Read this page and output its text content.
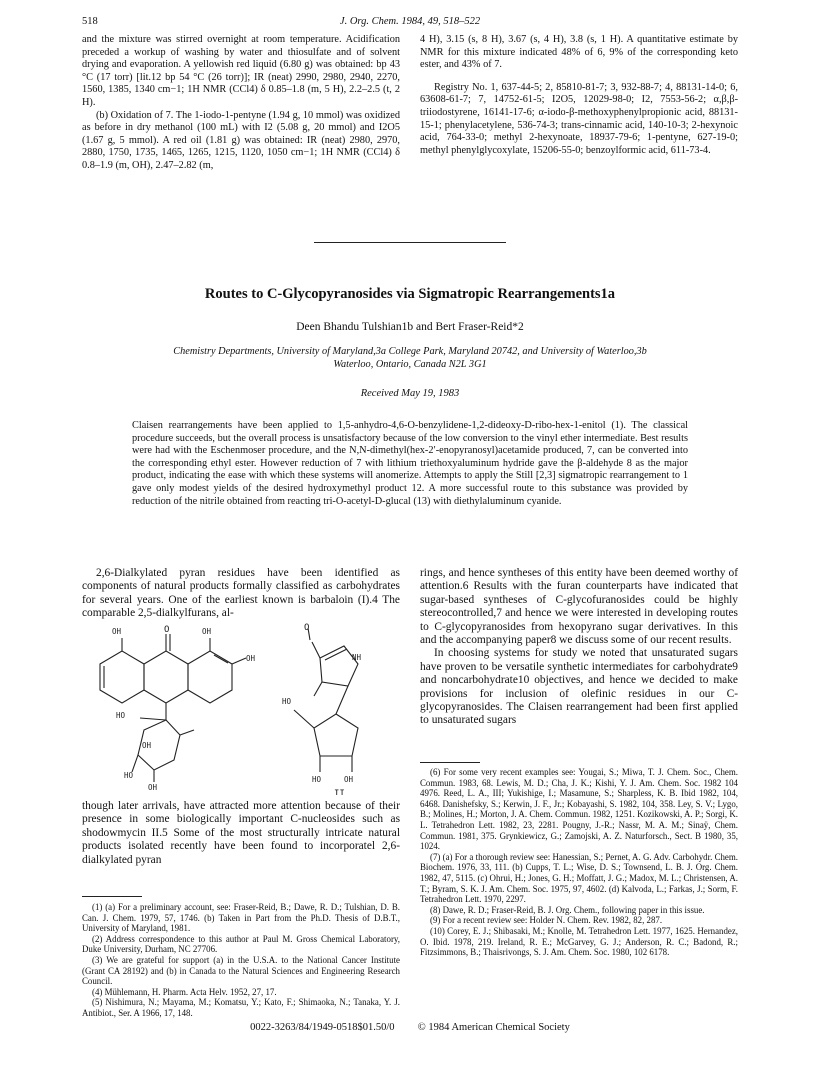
518	J. Org. Chem. 1984, 49, 518–522

and the mixture was stirred overnight at room temperature. Acidification preceded a workup of washing by water and thiosulfate and of solvent drying and evaporation. A yellowish red liquid (6.80 g) was obtained: bp 43 °C (17 torr) [lit.12 bp 54 °C (26 torr)]; IR (neat) 2990, 2980, 2940, 2270, 1560, 1385, 1340 cm−1; 1H NMR (CCl4) δ 0.85–1.8 (m, 5 H), 2.2–2.5 (t, 2 H).

(b) Oxidation of 7. The 1-iodo-1-pentyne (1.94 g, 10 mmol) was oxidized as before in dry methanol (100 mL) with I2 (5.08 g, 20 mmol) and I2O5 (1.67 g, 5 mmol). A red oil (1.81 g) was obtained: IR (neat) 2980, 2970, 2880, 1750, 1735, 1465, 1265, 1215, 1120, 1050 cm−1; 1H NMR (CCl4) δ 0.8–1.9 (m, OH), 2.47–2.82 (m,

4 H), 3.15 (s, 8 H), 3.67 (s, 4 H), 3.8 (s, 1 H). A quantitative estimate by NMR for this mixture indicated 48% of 6, 9% of the corresponding keto ester, and 43% of 7.

Registry No. 1, 637-44-5; 2, 85810-81-7; 3, 932-88-7; 4, 88131-14-0; 6, 63608-61-7; 7, 14752-61-5; I2O5, 12029-98-0; I2, 7553-56-2; α,β,β-triiodostyrene, 16141-17-6; α-iodo-β-methoxyphenylpropionic acid, 88131-15-1; phenylacetylene, 536-74-3; trans-cinnamic acid, 140-10-3; 2-hexynoic acid, 764-33-0; methyl 2-hexynoate, 18937-79-6; 1-pentyne, 627-19-0; methyl phenylglycoxylate, 15206-55-0; benzoylformic acid, 611-73-4.

Routes to C-Glycopyranosides via Sigmatropic Rearrangements1a
Deen Bhandu Tulshian1b and Bert Fraser-Reid*2
Chemistry Departments, University of Maryland,3a College Park, Maryland 20742, and University of Waterloo,3b Waterloo, Ontario, Canada N2L 3G1
Received May 19, 1983
Claisen rearrangements have been applied to 1,5-anhydro-4,6-O-benzylidene-1,2-dideoxy-D-ribo-hex-1-enitol (1). The classical procedure succeeds, but the overall process is unsatisfactory because of the low conversion to the vinyl ether intermediate. Best results were had with the Eschenmoser procedure, and the N,N-dimethyl(hex-2′-enopyranosyl)acetamide produced, 7, can be converted into the corresponding ethyl ester. However reduction of 7 with lithium triethoxyaluminum hydride gave the β-aldehyde 8 as the major product, indicating the ease with which these systems will anomerize. Attempts to apply the Still [2,3] sigmatropic rearrangement to 1 gave only modest yields of the desired hydroxymethyl product 12. A more successful route to this substance was provided by reduction of the nitrile obtained from reacting tri-O-acetyl-D-glucal (13) with diethylaluminum cyanide.
2,6-Dialkylated pyran residues have been identified as components of natural products formally classified as carbohydrates for several years. One of the earliest known is barbaloin (I).4 The comparable 2,5-dialkylfurans, al-
OH	O	OH
OH
HO
OH
HO
OH
NH
O
HO
HO	OH
II
though later arrivals, have attracted more attention because of their presence in some biologically important C-nucleosides such as shodowmycin II.5 Some of the most structurally intricate natural products isolated recently have been found to incorporatel 2,6-dialkylated pyran

rings, and hence syntheses of this entity have been deemed worthy of attention.6 Results with the furan counterparts have indicated that sugar-based syntheses of C-glycofuranosides could be highly stereocontrolled,7 and hence we were interested in developing routes to C-glycopyranosides from hexopyrano sugar derivatives. In this and the accompanying paper8 we discuss some of our recent results.

In choosing systems for study we noted that unsaturated sugars have proven to be versatile synthetic intermediates for carbohydrate9 and noncarbohydrate10 objectives, and hence we decided to make provisions for inclusion of olefinic residues in our C-glycopyranosides. The Claisen rearrangement had been first applied to unsaturated sugars

(1) (a) For a preliminary account, see: Fraser-Reid, B.; Dawe, R. D.; Tulshian, D. B. Can. J. Chem. 1979, 57, 1746. (b) Taken in Part from the Ph.D. Thesis of D.B.T., University of Maryland, 1981.

(2) Address correspondence to this author at Paul M. Gross Chemical Laboratory, Duke University, Durham, NC 27706.

(3) We are grateful for support (a) in the U.S.A. to the National Cancer Institute (Grant CA 28192) and (b) in Canada to the Natural Sciences and Engineering Research Council.

(4) Mühlemann, H. Pharm. Acta Helv. 1952, 27, 17.

(5) Nishimura, N.; Mayama, M.; Komatsu, Y.; Kato, F.; Shimaoka, N.; Tanaka, Y. J. Antibiot., Ser. A 1966, 17, 148.

(6) For some very recent examples see: Yougai, S.; Miwa, T. J. Chem. Soc., Chem. Commun. 1983, 68. Lewis, M. D.; Cha, J. K.; Kishi, Y. J. Am. Chem. Soc. 1982 104 4976. Reed, L. A., III; Yukishige, I.; Masamune, S.; Sharpless, K. B. Ibid 1982, 104, 6468. Danishefsky, S.; Kerwin, J. F., Jr.; Kobayashi, S. 1982, 104, 358. Ley, S. V.; Lygo, B.; Molines, H.; Morton, J. A. Chem. Commun. 1982, 1251. Kozikowski, A. P.; Sorgi, K. L. Tetrahedron Lett. 1982, 23, 2281. Pougny, J.-R.; Nassr, M. A. M.; Sinaÿ, Chem. Commun. 1981, 375. Grynkiewicz, G.; Zamojski, A. Z. Naturforsch., Sect. B 1980, 35, 1024.

(7) (a) For a thorough review see: Hanessian, S.; Pernet, A. G. Adv. Carbohydr. Chem. Biochem. 1976, 33, 111. (b) Cupps, T. L.; Wise, D. S.; Townsend, L. B. J. Org. Chem. 1982, 47, 5115. (c) Ohrui, H.; Jones, G. H.; Moffatt, J. G.; Madox, M. L.; Christensen, A. T.; Byram, S. K. J. Am. Chem. Soc. 1975, 97, 4602. (d) Kalvoda, L.; Farkas, J.; Sorm, F. Tetrahedron Lett. 1970, 2297.

(8) Dawe, R. D.; Fraser-Reid, B. J. Org. Chem., following paper in this issue.

(9) For a recent review see: Holder N. Chem. Rev. 1982, 82, 287.

(10) Corey, E. J.; Shibasaki, M.; Knolle, M. Tetrahedron Lett. 1977, 1625. Hernandez, O. Ibid. 1978, 219. Ireland, R. E.; McGarvey, G. J.; Anderson, R. C.; Badond, R.; Fitzsimmons, B.; Thaisrivongs, S. J. Am. Chem. Soc. 1980, 102 6178.

0022-3263/84/1949-0518$01.50/0 © 1984 American Chemical Society
